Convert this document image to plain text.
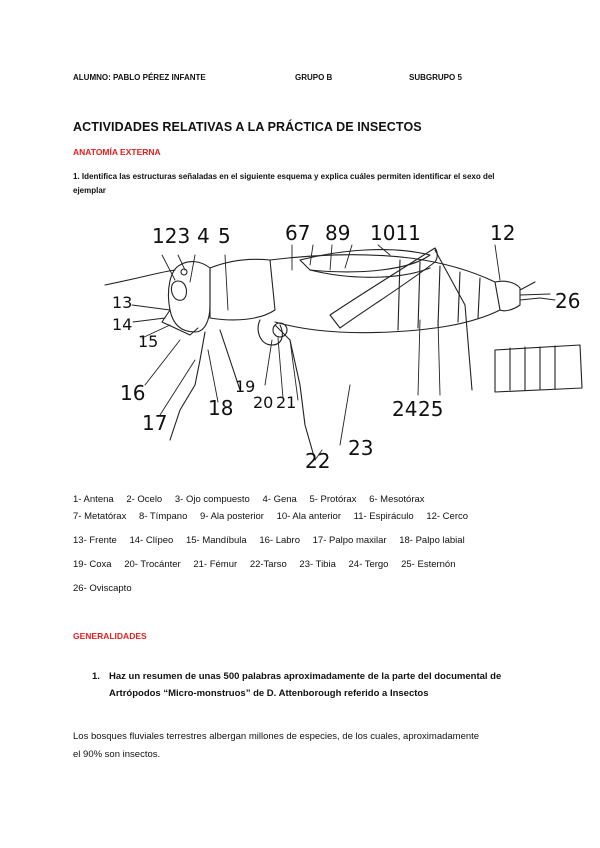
ALUMNO: PABLO PÉREZ INFANTE	GRUPO B	SUBGRUPO 5
ACTIVIDADES RELATIVAS A LA PRÁCTICA DE INSECTOS
ANATOMÍA EXTERNA
1. Identifica las estructuras señaladas en el siguiente esquema y explica cuáles permiten identificar el sexo del ejemplar
123 4 5	67 89 1011	12
13
14
15
16
17
18
19
20 21
22
23
24 25
26
1- Antena 2- Ocelo 3- Ojo compuesto 4- Gena 5- Protórax 6- Mesotórax
7- Metatórax 8- Tímpano 9- Ala posterior 10- Ala anterior 11- Espiráculo 12- Cerco
13- Frente 14- Clípeo 15- Mandíbula 16- Labro 17- Palpo maxilar 18- Palpo labial
19- Coxa 20- Trocánter 21- Fémur 22-Tarso 23- Tibia 24- Tergo 25- Esternón
26- Oviscapto
GENERALIDADES
1. Haz un resumen de unas 500 palabras aproximadamente de la parte del documental de Artrópodos “Micro-monstruos” de D. Attenborough referido a Insectos
Los bosques fluviales terrestres albergan millones de especies, de los cuales, aproximadamente el 90% son insectos.
